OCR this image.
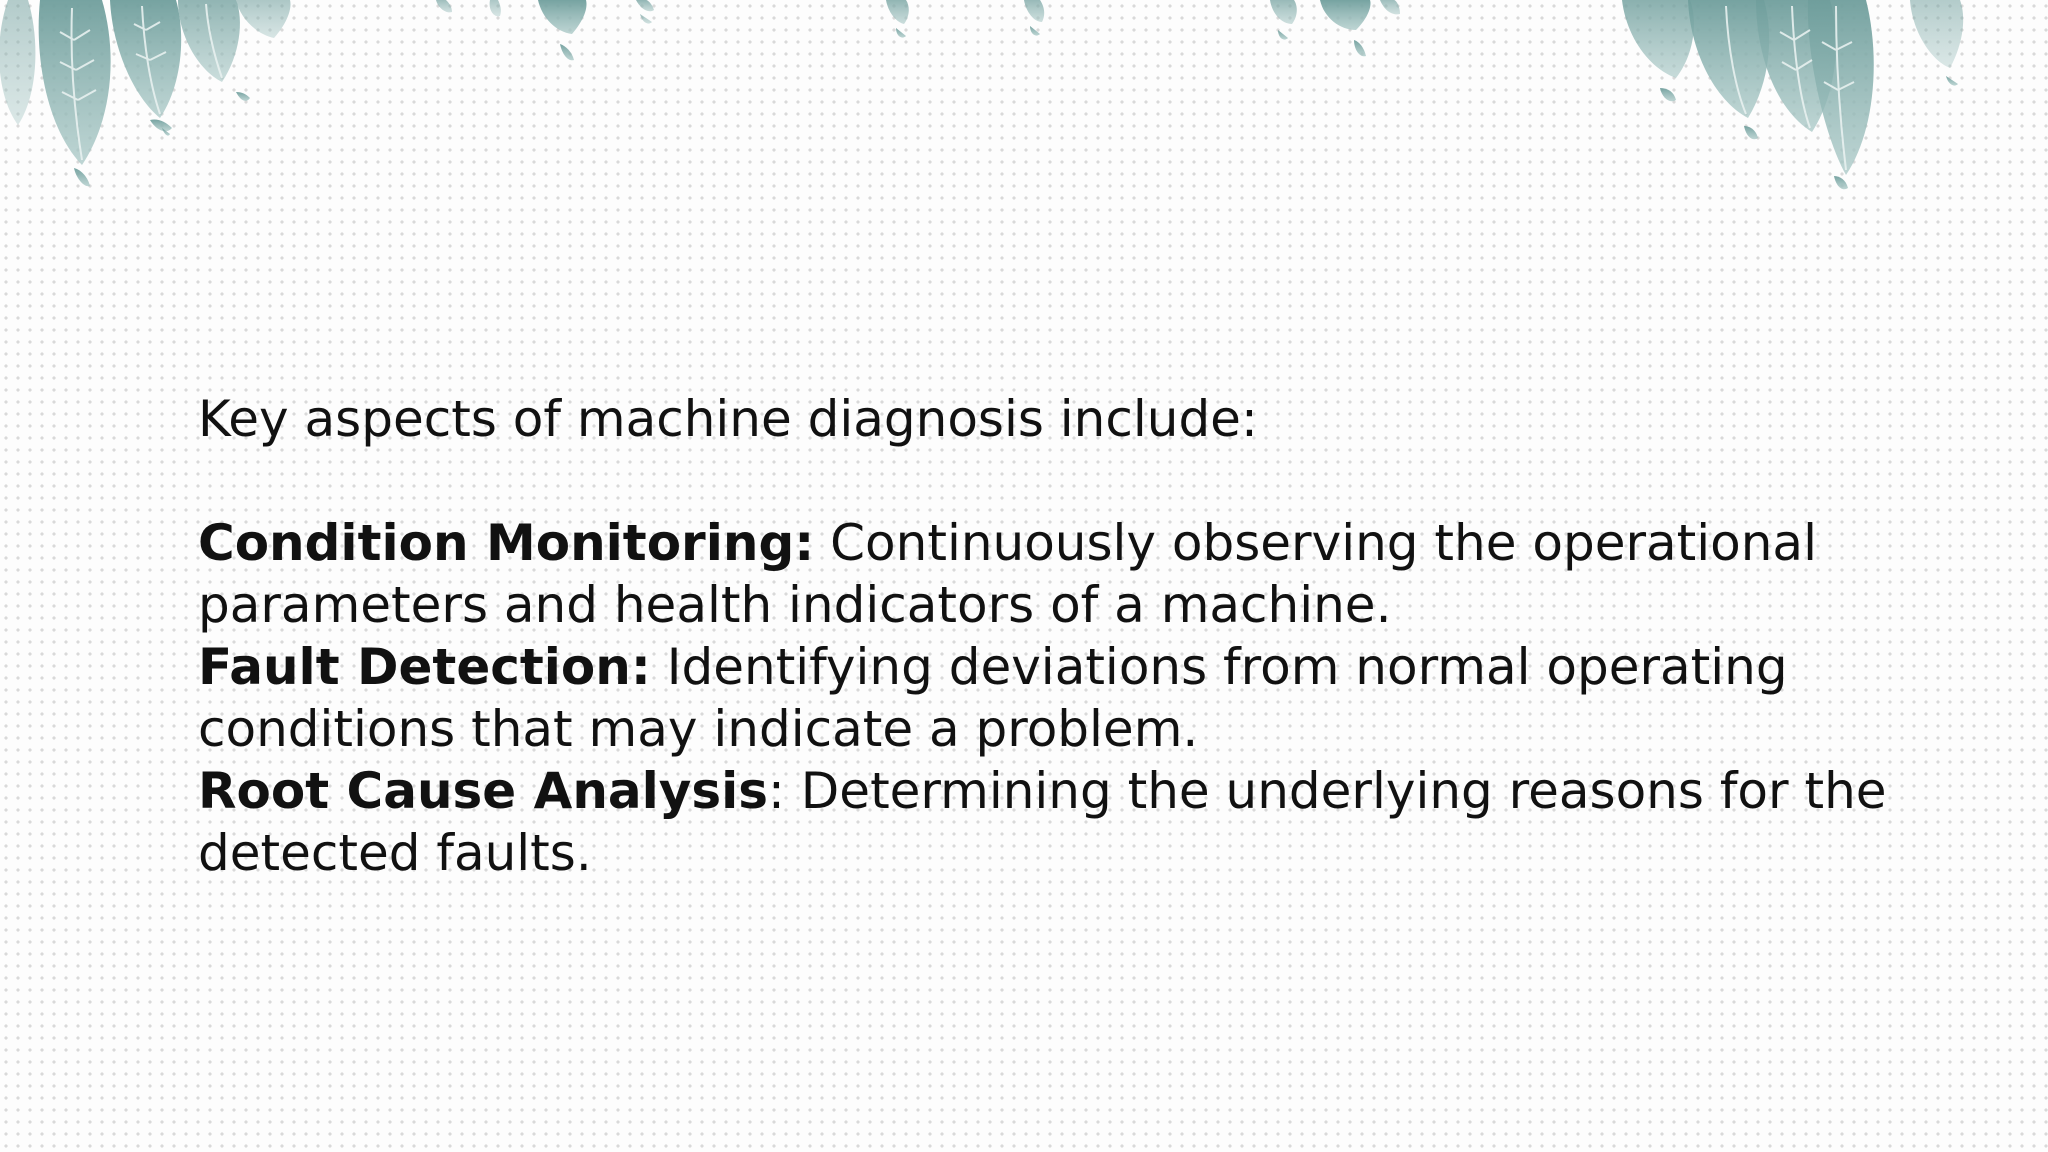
Key aspects of machine diagnosis include:

Condition Monitoring: Continuously observing the operational parameters and health indicators of a machine.

Fault Detection: Identifying deviations from normal operating conditions that may indicate a problem.

Root Cause Analysis: Determining the underlying reasons for the detected faults.
